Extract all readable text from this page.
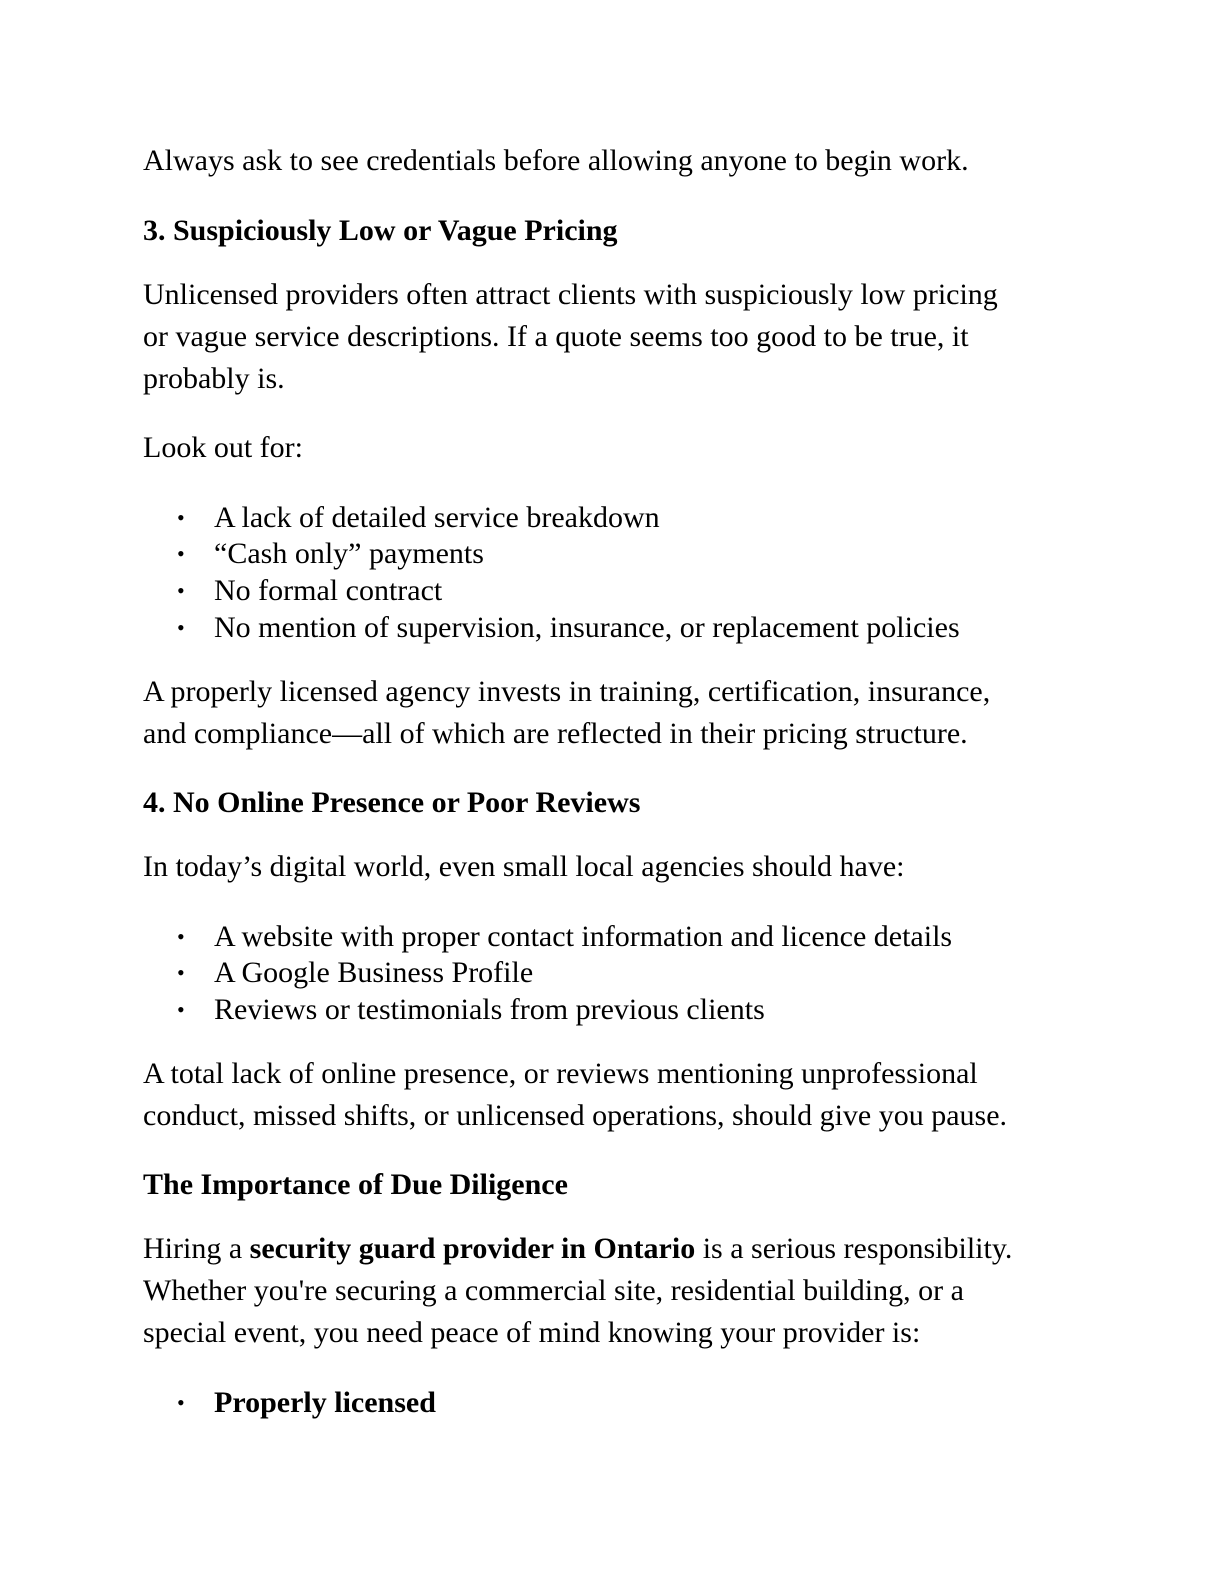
Always ask to see credentials before allowing anyone to begin work.
3. Suspiciously Low or Vague Pricing
Unlicensed providers often attract clients with suspiciously low pricing
or vague service descriptions. If a quote seems too good to be true, it
probably is.
Look out for:
• A lack of detailed service breakdown
• “Cash only” payments
• No formal contract
• No mention of supervision, insurance, or replacement policies
A properly licensed agency invests in training, certification, insurance,
and compliance—all of which are reflected in their pricing structure.
4. No Online Presence or Poor Reviews
In today’s digital world, even small local agencies should have:
• A website with proper contact information and licence details
• A Google Business Profile
• Reviews or testimonials from previous clients
A total lack of online presence, or reviews mentioning unprofessional
conduct, missed shifts, or unlicensed operations, should give you pause.
The Importance of Due Diligence
Hiring a security guard provider in Ontario is a serious responsibility.
Whether you're securing a commercial site, residential building, or a
special event, you need peace of mind knowing your provider is:
• Properly licensed
